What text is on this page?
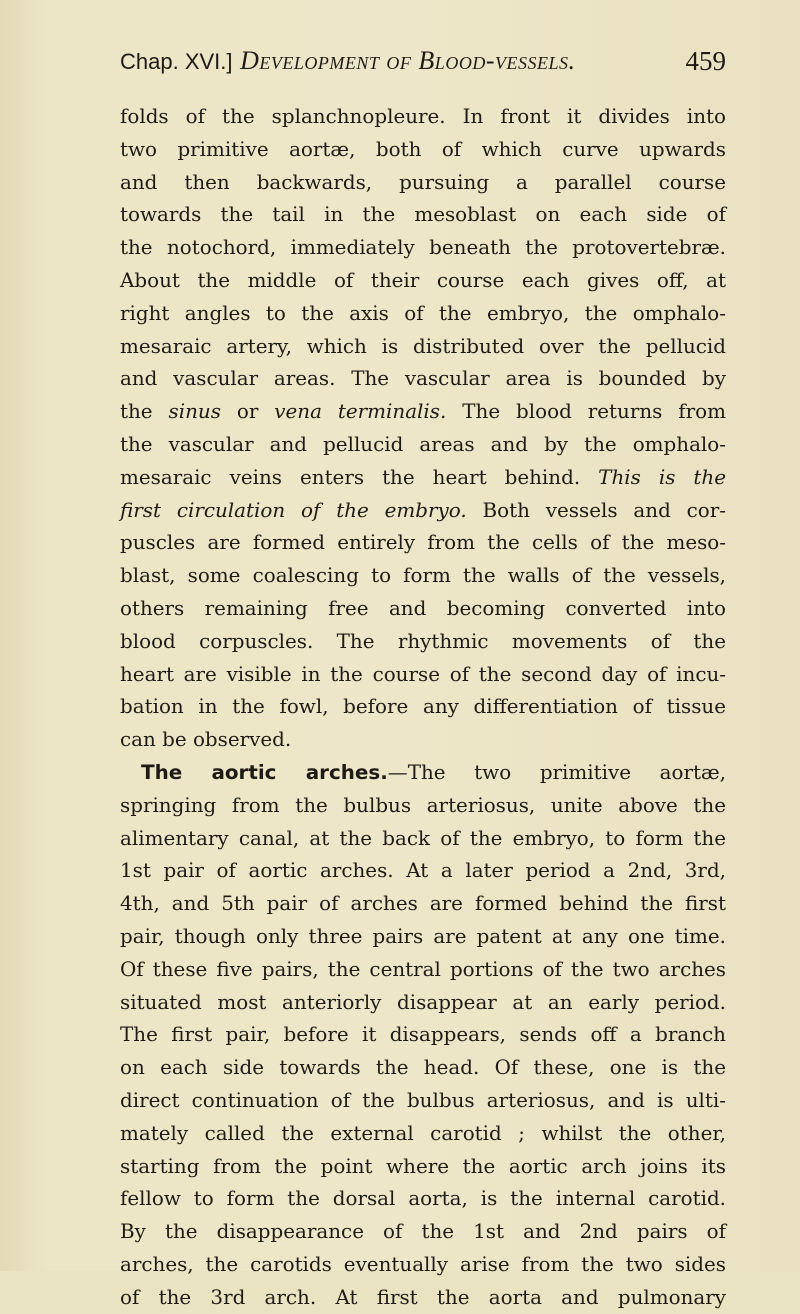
Chap. XVI.] Development of Blood-vessels.	459
folds of the splanchnopleure. In front it divides into
two primitive aortæ, both of which curve upwards
and then backwards, pursuing a parallel course
towards the tail in the mesoblast on each side of
the notochord, immediately beneath the protovertebræ.
About the middle of their course each gives off, at
right angles to the axis of the embryo, the omphalo-
mesaraic artery, which is distributed over the pellucid
and vascular areas. The vascular area is bounded by
the sinus or vena terminalis. The blood returns from
the vascular and pellucid areas and by the omphalo-
mesaraic veins enters the heart behind. This is the
first circulation of the embryo. Both vessels and cor-
puscles are formed entirely from the cells of the meso-
blast, some coalescing to form the walls of the vessels,
others remaining free and becoming converted into
blood corpuscles. The rhythmic movements of the
heart are visible in the course of the second day of incu-
bation in the fowl, before any differentiation of tissue
can be observed.
The aortic arches.—The two primitive aortæ,
springing from the bulbus arteriosus, unite above the
alimentary canal, at the back of the embryo, to form the
1st pair of aortic arches. At a later period a 2nd, 3rd,
4th, and 5th pair of arches are formed behind the first
pair, though only three pairs are patent at any one time.
Of these five pairs, the central portions of the two arches
situated most anteriorly disappear at an early period.
The first pair, before it disappears, sends off a branch
on each side towards the head. Of these, one is the
direct continuation of the bulbus arteriosus, and is ulti-
mately called the external carotid ; whilst the other,
starting from the point where the aortic arch joins its
fellow to form the dorsal aorta, is the internal carotid.
By the disappearance of the 1st and 2nd pairs of
arches, the carotids eventually arise from the two sides
of the 3rd arch. At first the aorta and pulmonary
